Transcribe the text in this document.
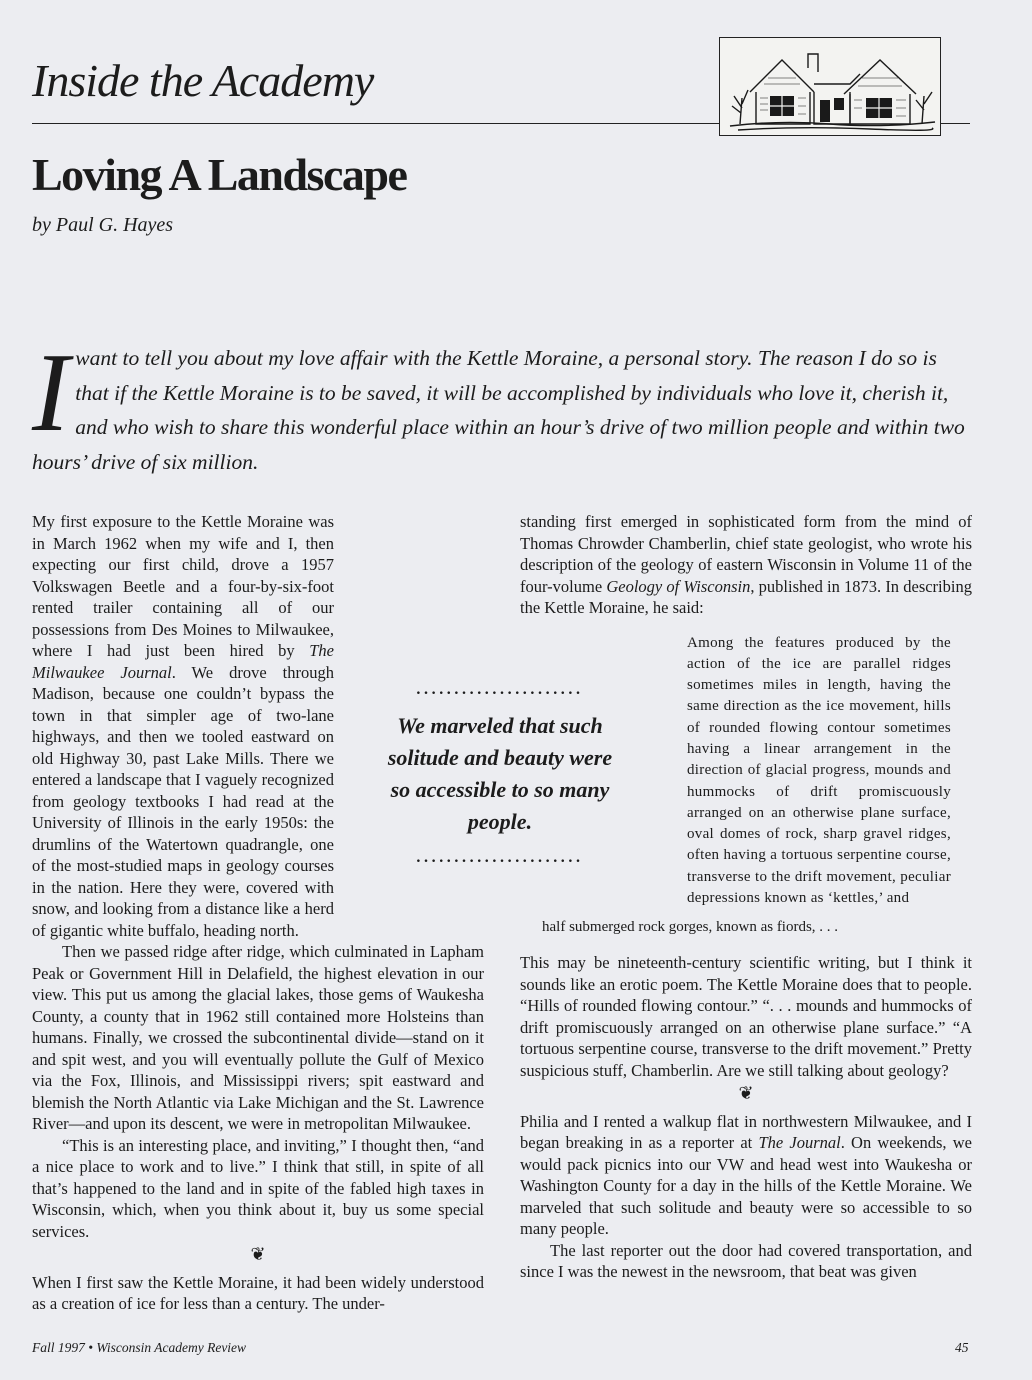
Inside the Academy
Loving A Landscape
by Paul G. Hayes

Iwant to tell you about my love affair with the Kettle Moraine, a personal story. The reason I do so is that if the Kettle Moraine is to be saved, it will be accomplished by individuals who love it, cherish it, and who wish to share this wonderful place within an hour’s drive of two million people and within two hours’ drive of six million.

My first exposure to the Kettle Moraine was in March 1962 when my wife and I, then expecting our first child, drove a 1957 Volkswagen Beetle and a four-by-six-foot rented trailer containing all of our possessions from Des Moines to Milwaukee, where I had just been hired by The Milwaukee Journal. We drove through Madison, because one couldn’t bypass the town in that simpler age of two-lane highways, and then we tooled eastward on old Highway 30, past Lake Mills. There we entered a landscape that I vaguely recognized from geology textbooks I had read at the University of Illinois in the early 1950s: the drumlins of the Watertown quadrangle, one of the most-studied maps in geology courses in the nation. Here they were, covered with snow, and looking from a distance like a herd of gigantic white buffalo, heading north.

Then we passed ridge after ridge, which culminated in Lapham Peak or Government Hill in Delafield, the highest elevation in our view. This put us among the glacial lakes, those gems of Waukesha County, a county that in 1962 still contained more Holsteins than humans. Finally, we crossed the subcontinental divide—stand on it and spit west, and you will eventually pollute the Gulf of Mexico via the Fox, Illinois, and Mississippi rivers; spit eastward and blemish the North Atlantic via Lake Michigan and the St. Lawrence River—and upon its descent, we were in metropolitan Milwaukee.

“This is an interesting place, and inviting,” I thought then, “and a nice place to work and to live.” I think that still, in spite of all that’s happened to the land and in spite of the fabled high taxes in Wisconsin, which, when you think about it, buy us some special services.

❦

When I first saw the Kettle Moraine, it had been widely understood as a creation of ice for less than a century. The under-

......................
We marveled that such solitude and beauty were so accessible to so many people.
......................

standing first emerged in sophisticated form from the mind of Thomas Chrowder Chamberlin, chief state geologist, who wrote his description of the geology of eastern Wisconsin in Volume 11 of the four-volume Geology of Wisconsin, published in 1873. In describing the Kettle Moraine, he said:

Among the features produced by the action of the ice are parallel ridges sometimes miles in length, having the same direction as the ice movement, hills of rounded flowing contour sometimes having a linear arrangement in the direction of glacial progress, mounds and hummocks of drift promiscuously arranged on an otherwise plane surface, oval domes of rock, sharp gravel ridges, often having a tortuous serpentine course, transverse to the drift movement, peculiar depressions known as ‘kettles,’ and

half submerged rock gorges, known as fiords, . . .

This may be nineteenth-century scientific writing, but I think it sounds like an erotic poem. The Kettle Moraine does that to people. “Hills of rounded flowing contour.” “. . . mounds and hummocks of drift promiscuously arranged on an otherwise plane surface.” “A tortuous serpentine course, transverse to the drift movement.” Pretty suspicious stuff, Chamberlin. Are we still talking about geology?

❦

Philia and I rented a walkup flat in northwestern Milwaukee, and I began breaking in as a reporter at The Journal. On weekends, we would pack picnics into our VW and head west into Waukesha or Washington County for a day in the hills of the Kettle Moraine. We marveled that such solitude and beauty were so accessible to so many people.

The last reporter out the door had covered transportation, and since I was the newest in the newsroom, that beat was given

Fall 1997 • Wisconsin Academy Review	45
